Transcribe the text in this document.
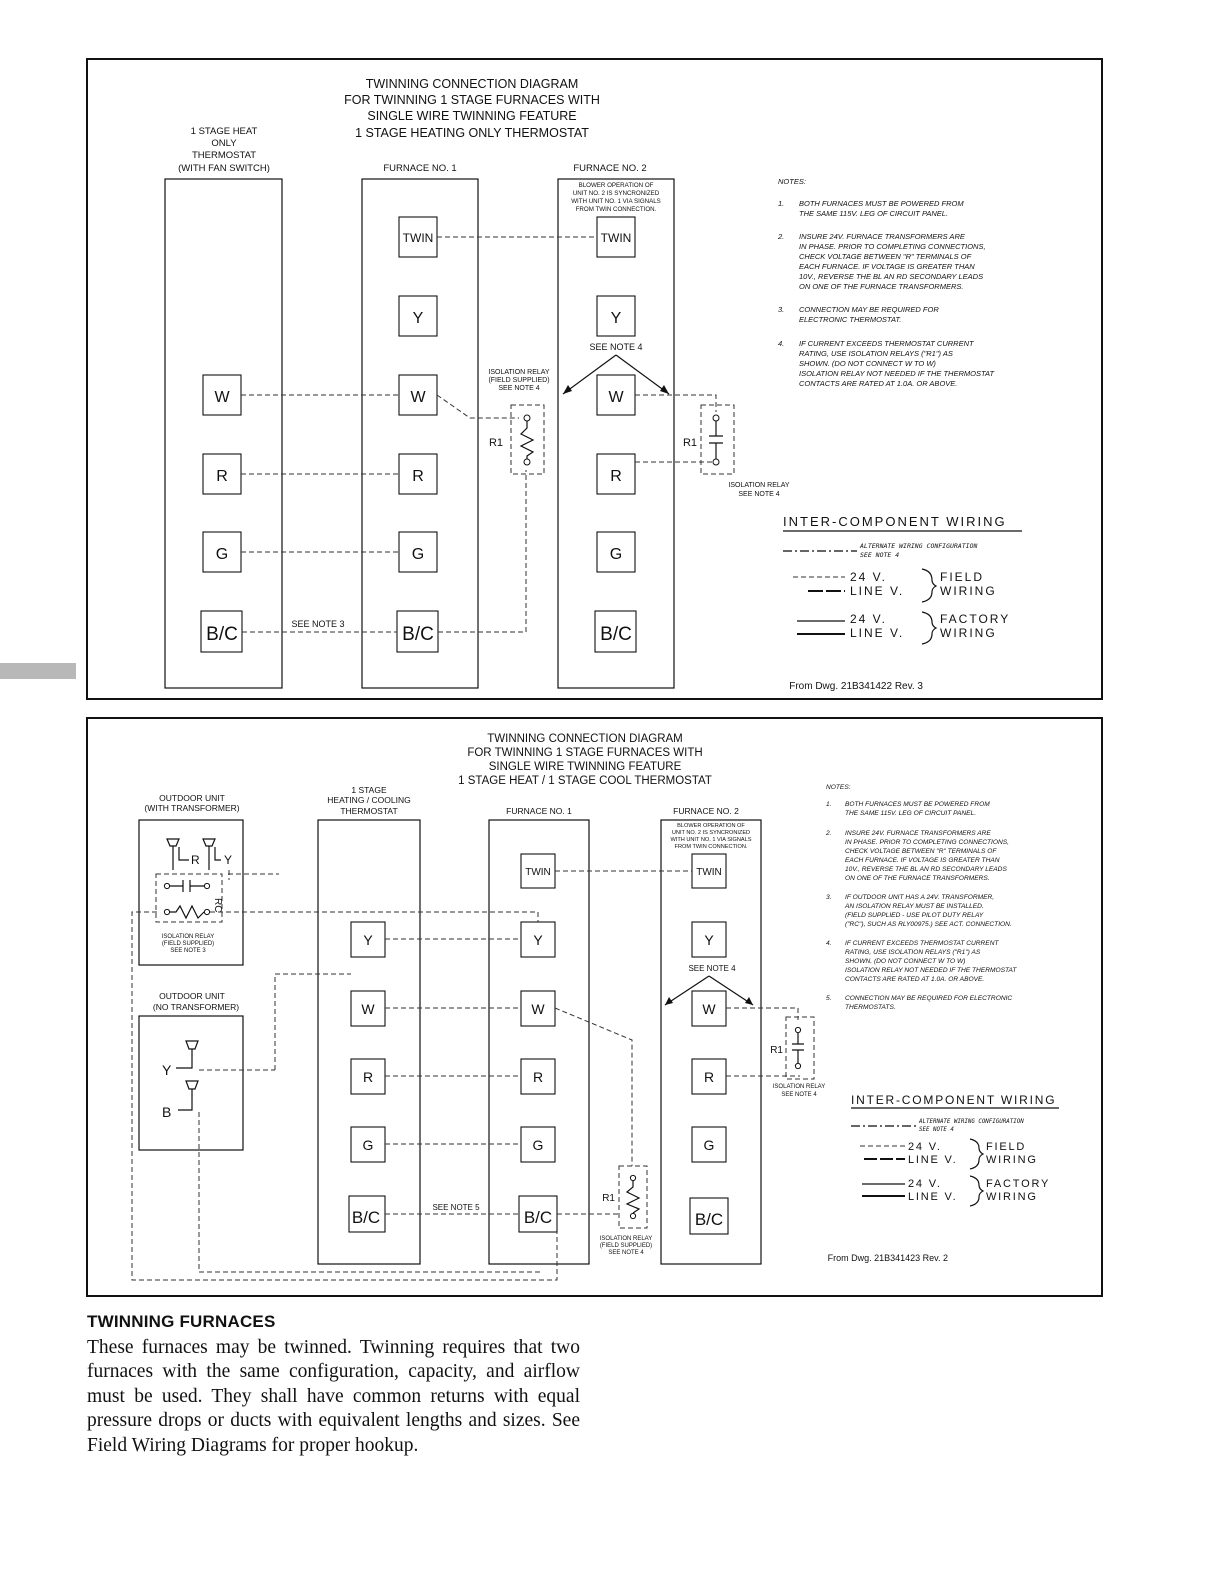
TWINNING CONNECTION DIAGRAM
FOR TWINNING 1 STAGE FURNACES WITH
SINGLE WIRE TWINNING FEATURE
1 STAGE HEATING ONLY THERMOSTAT
1 STAGE HEAT
ONLY
THERMOSTAT
(WITH FAN SWITCH)	FURNACE NO. 1	FURNACE NO. 2
BLOWER OPERATION OF
UNIT NO. 2 IS SYNCRONIZED
WITH UNIT NO. 1 VIA SIGNALS
FROM TWIN CONNECTION.
W
R
G
B/C
TWIN
Y
W
R
G
B/C
TWIN
Y
W
R
G
B/C
SEE NOTE 4
SEE NOTE 3
R1
ISOLATION RELAY
(FIELD SUPPLIED)
SEE NOTE 4
R1
ISOLATION RELAY
SEE NOTE 4
NOTES:
1. BOTH FURNACES MUST BE POWERED FROM
THE SAME 115V. LEG OF CIRCUIT PANEL.
2. INSURE 24V. FURNACE TRANSFORMERS ARE
IN PHASE. PRIOR TO COMPLETING CONNECTIONS,
CHECK VOLTAGE BETWEEN "R" TERMINALS OF
EACH FURNACE. IF VOLTAGE IS GREATER THAN
10V., REVERSE THE BL AN RD SECONDARY LEADS
ON ONE OF THE FURNACE TRANSFORMERS.
3. CONNECTION MAY BE REQUIRED FOR
ELECTRONIC THERMOSTAT.
4. IF CURRENT EXCEEDS THERMOSTAT CURRENT
RATING, USE ISOLATION RELAYS ("R1") AS
SHOWN. (DO NOT CONNECT W TO W)
ISOLATION RELAY NOT NEEDED IF THE THERMOSTAT
CONTACTS ARE RATED AT 1.0A. OR ABOVE.
INTER-COMPONENT WIRING
ALTERNATE WIRING CONFIGURATION
SEE NOTE 4
24 V.
LINE V.
FIELD
WIRING
24 V.
LINE V.
FACTORY
WIRING
From Dwg. 21B341422 Rev. 3
TWINNING CONNECTION DIAGRAM
FOR TWINNING 1 STAGE FURNACES WITH
SINGLE WIRE TWINNING FEATURE
1 STAGE HEAT / 1 STAGE COOL THERMOSTAT
OUTDOOR UNIT
(WITH TRANSFORMER)
1 STAGE
HEATING / COOLING
THERMOSTAT	FURNACE NO. 1	FURNACE NO. 2
OUTDOOR UNIT
(NO TRANSFORMER)
BLOWER OPERATION OF
UNIT NO. 2 IS SYNCRONIZED
WITH UNIT NO. 1 VIA SIGNALS
FROM TWIN CONNECTION.
R Y
RC
ISOLATION RELAY
(FIELD SUPPLIED)
SEE NOTE 3
Y
B
Y
W
R
G
B/C
TWIN
Y
W
R
G
B/C
TWIN
Y
W
R
G
B/C
SEE NOTE 4
SEE NOTE 5
R1
ISOLATION RELAY
(FIELD SUPPLIED)
SEE NOTE 4
R1
ISOLATION RELAY
SEE NOTE 4
NOTES:
1. BOTH FURNACES MUST BE POWERED FROM
THE SAME 115V. LEG OF CIRCUIT PANEL.
2. INSURE 24V. FURNACE TRANSFORMERS ARE
IN PHASE. PRIOR TO COMPLETING CONNECTIONS,
CHECK VOLTAGE BETWEEN "R" TERMINALS OF
EACH FURNACE. IF VOLTAGE IS GREATER THAN
10V., REVERSE THE BL AN RD SECONDARY LEADS
ON ONE OF THE FURNACE TRANSFORMERS.
3. IF OUTDOOR UNIT HAS A 24V. TRANSFORMER,
AN ISOLATION RELAY MUST BE INSTALLED.
(FIELD SUPPLIED - USE PILOT DUTY RELAY
("RC"), SUCH AS RLY00975.) SEE ACT. CONNECTION.
4. IF CURRENT EXCEEDS THERMOSTAT CURRENT
RATING, USE ISOLATION RELAYS ("R1") AS
SHOWN. (DO NOT CONNECT W TO W)
ISOLATION RELAY NOT NEEDED IF THE THERMOSTAT
CONTACTS ARE RATED AT 1.0A. OR ABOVE.
5. CONNECTION MAY BE REQUIRED FOR ELECTRONIC
THERMOSTATS.
INTER-COMPONENT WIRING
ALTERNATE WIRING CONFIGURATION
SEE NOTE 4
24 V.
LINE V.
FIELD
WIRING
24 V.
LINE V.
FACTORY
WIRING
From Dwg. 21B341423 Rev. 2
TWINNING FURNACES

These furnaces may be twinned. Twinning requires that two furnaces with the same configuration, capacity, and airflow must be used. They shall have common returns with equal pressure drops or ducts with equivalent lengths and sizes. See Field Wiring Diagrams for proper hookup.
